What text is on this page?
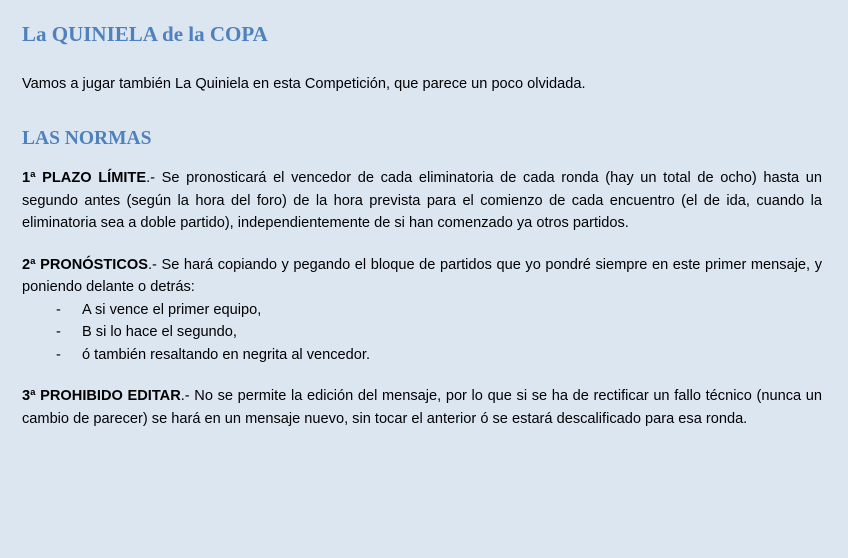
La QUINIELA de la COPA

Vamos a jugar también La Quiniela en esta Competición, que parece un poco olvidada.

LAS NORMAS

1ª PLAZO LÍMITE.- Se pronosticará el vencedor de cada eliminatoria de cada ronda (hay un total de ocho) hasta un segundo antes (según la hora del foro) de la hora prevista para el comienzo de cada encuentro (el de ida, cuando la eliminatoria sea a doble partido), independientemente de si han comenzado ya otros partidos.

2ª PRONÓSTICOS.- Se hará copiando y pegando el bloque de partidos que yo pondré siempre en este primer mensaje, y poniendo delante o detrás:

- A si vence el primer equipo,
- B si lo hace el segundo,
- ó también resaltando en negrita al vencedor.

3ª PROHIBIDO EDITAR.- No se permite la edición del mensaje, por lo que si se ha de rectificar un fallo técnico (nunca un cambio de parecer) se hará en un mensaje nuevo, sin tocar el anterior ó se estará descalificado para esa ronda.
